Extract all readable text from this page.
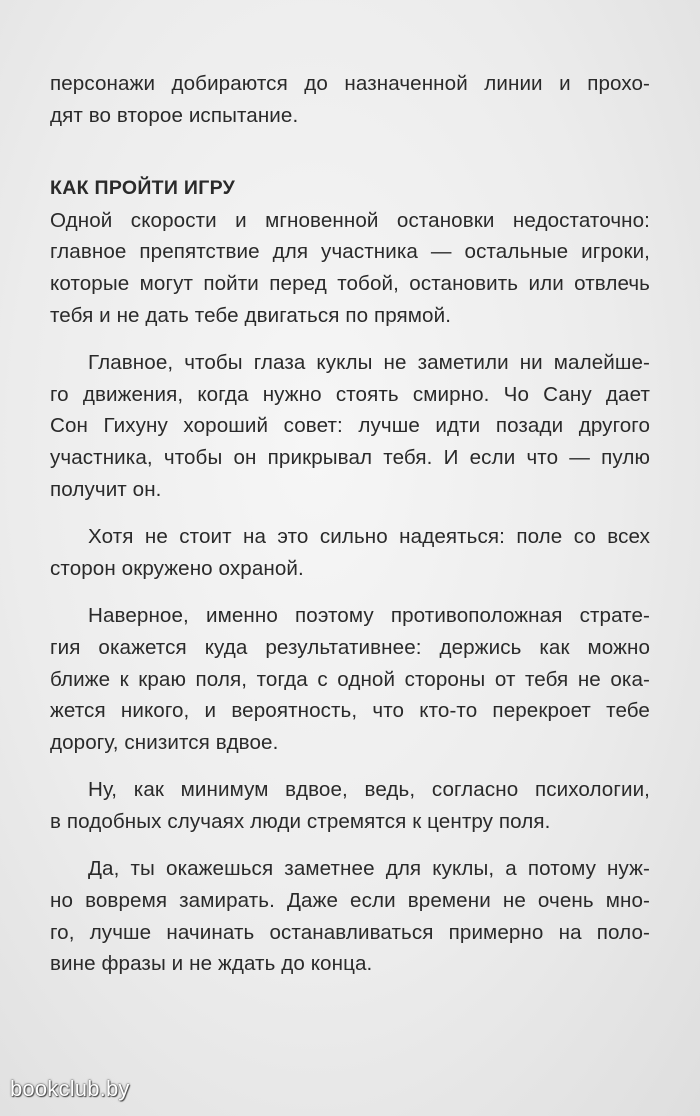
персонажи добираются до назначенной линии и прохо-
дят во второе испытание.
КАК ПРОЙТИ ИГРУ
Одной скорости и мгновенной остановки недостаточно:
главное препятствие для участника — остальные игроки,
которые могут пойти перед тобой, остановить или отвлечь
тебя и не дать тебе двигаться по прямой.
Главное, чтобы глаза куклы не заметили ни малейше-
го движения, когда нужно стоять смирно. Чо Сану дает
Сон Гихуну хороший совет: лучше идти позади другого
участника, чтобы он прикрывал тебя. И если что — пулю
получит он.
Хотя не стоит на это сильно надеяться: поле со всех
сторон окружено охраной.
Наверное, именно поэтому противоположная страте-
гия окажется куда результативнее: держись как можно
ближе к краю поля, тогда с одной стороны от тебя не ока-
жется никого, и вероятность, что кто-то перекроет тебе
дорогу, снизится вдвое.
Ну, как минимум вдвое, ведь, согласно психологии,
в подобных случаях люди стремятся к центру поля.
Да, ты окажешься заметнее для куклы, а потому нуж-
но вовремя замирать. Даже если времени не очень мно-
го, лучше начинать останавливаться примерно на поло-
вине фразы и не ждать до конца.
bookclub.by
